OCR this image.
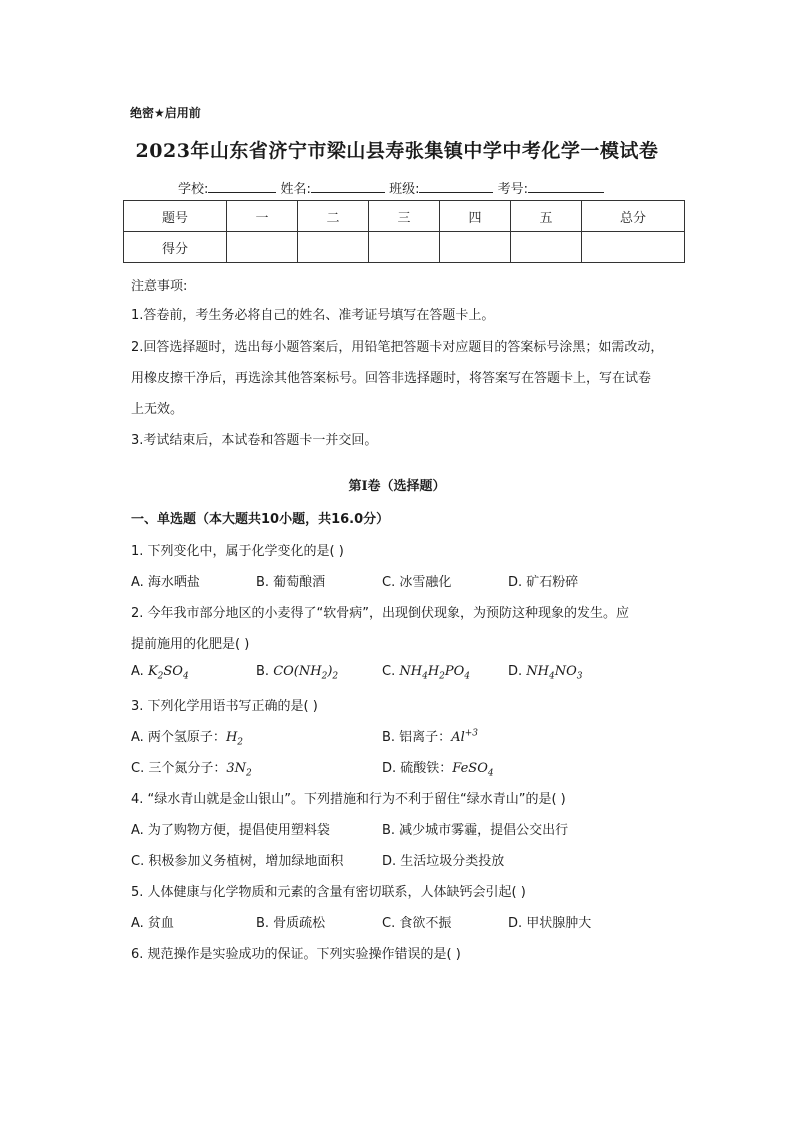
绝密★启用前
2023年山东省济宁市梁山县寿张集镇中学中考化学一模试卷
学校:	姓名:	班级:	考号:
题号	一	二	三	四	五	总分
得分						
注意事项:
1.答卷前，考生务必将自己的姓名、准考证号填写在答题卡上。
2.回答选择题时，选出每小题答案后，用铅笔把答题卡对应题目的答案标号涂黑；如需改动，
用橡皮擦干净后，再选涂其他答案标号。回答非选择题时，将答案写在答题卡上，写在试卷
上无效。
3.考试结束后，本试卷和答题卡一并交回。
第I卷（选择题）
一、单选题（本大题共10小题，共16.0分）
1. 下列变化中，属于化学变化的是( )
A. 海水晒盐	B. 葡萄酿酒	C. 冰雪融化	D. 矿石粉碎
2. 今年我市部分地区的小麦得了“软骨病”，出现倒伏现象，为预防这种现象的发生。应
提前施用的化肥是( )
A. $K_2SO_4$	B. $CO(NH_2)_2$	C. $NH_4H_2PO_4$	D. $NH_4NO_3$
3. 下列化学用语书写正确的是( )
A. 两个氢原子：$H_2$	B. 铝离子：$Al^{+3}$
C. 三个氮分子：$3N_2$	D. 硫酸铁：FeSO$_4$
4. “绿水青山就是金山银山”。下列措施和行为不利于留住“绿水青山”的是( )
A. 为了购物方便，提倡使用塑料袋	B. 减少城市雾霾，提倡公交出行
C. 积极参加义务植树，增加绿地面积	D. 生活垃圾分类投放
5. 人体健康与化学物质和元素的含量有密切联系，人体缺钙会引起( )
A. 贫血	B. 骨质疏松	C. 食欲不振	D. 甲状腺肿大
6. 规范操作是实验成功的保证。下列实验操作错误的是( )
